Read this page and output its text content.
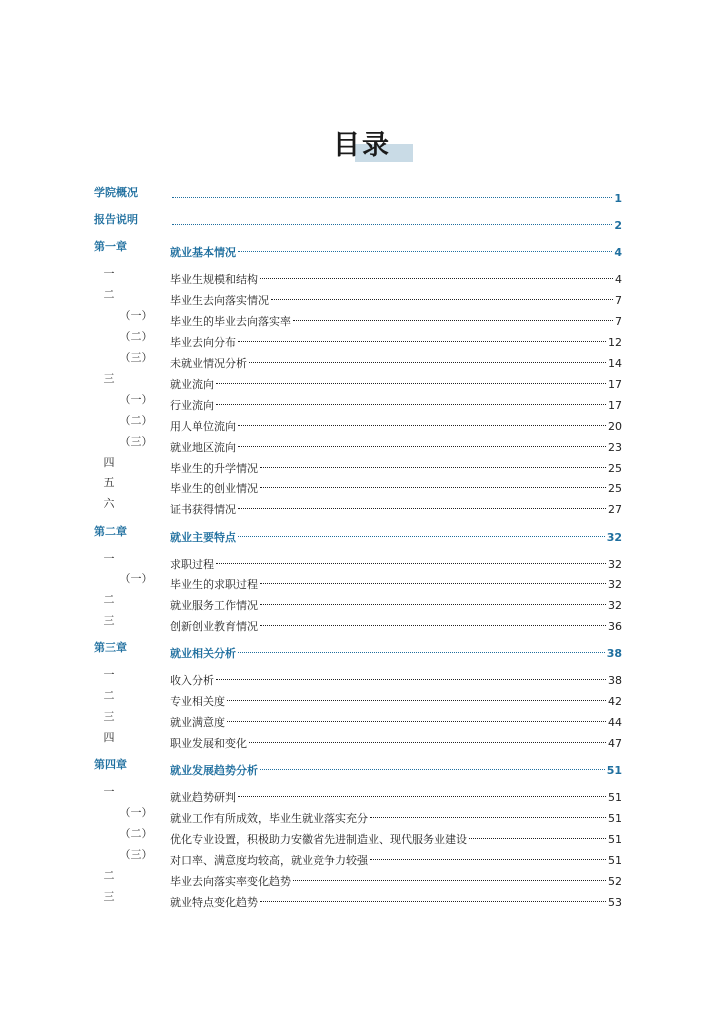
目录
学院概况	1
报告说明	2
第一章	就业基本情况	4
一	毕业生规模和结构	4
二	毕业生去向落实情况	7
（一） 毕业生的毕业去向落实率	7
（二） 毕业去向分布	12
（三） 未就业情况分析	14
三	就业流向	17
（一） 行业流向	17
（二） 用人单位流向	20
（三） 就业地区流向	23
四	毕业生的升学情况	25
五	毕业生的创业情况	25
六	证书获得情况	27
第二章	就业主要特点	32
一	求职过程	32
（一） 毕业生的求职过程	32
二	就业服务工作情况	32
三	创新创业教育情况	36
第三章	就业相关分析	38
一	收入分析	38
二	专业相关度	42
三	就业满意度	44
四	职业发展和变化	47
第四章	就业发展趋势分析	51
一	就业趋势研判	51
（一） 就业工作有所成效，毕业生就业落实充分	51
（二） 优化专业设置，积极助力安徽省先进制造业、现代服务业建设	51
（三） 对口率、满意度均较高，就业竞争力较强	51
二	毕业去向落实率变化趋势	52
三	就业特点变化趋势	53
